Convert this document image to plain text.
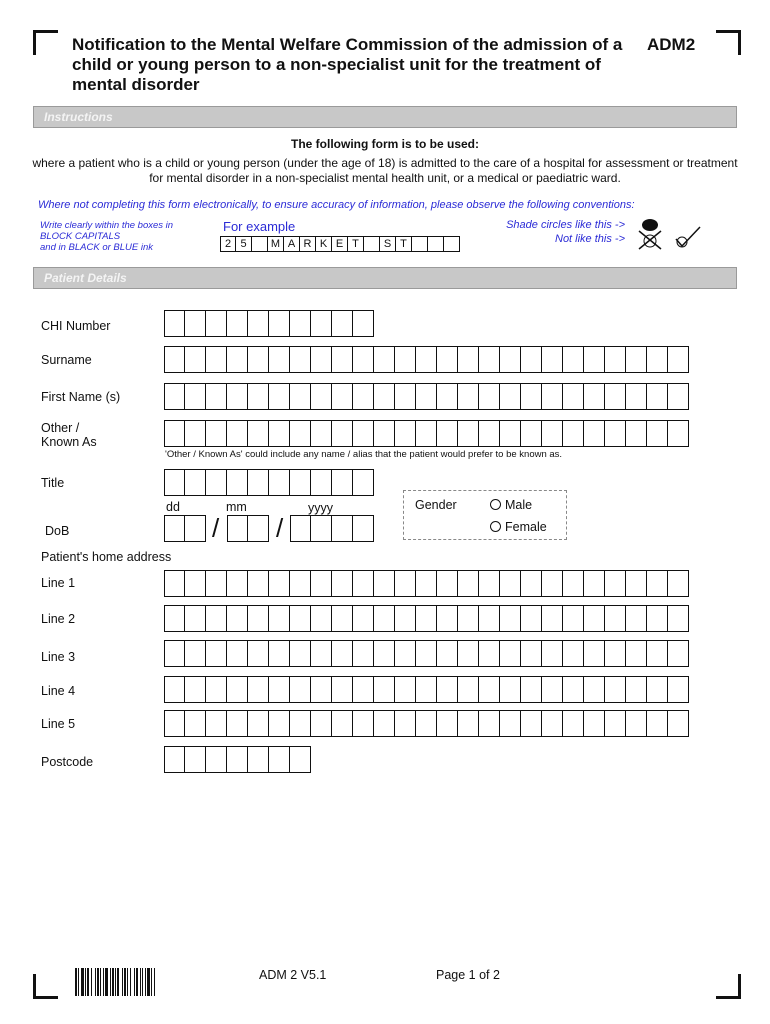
Notification to the Mental Welfare Commission of the admission of a child or young person to a non-specialist unit for the treatment of mental disorder
ADM2
Instructions
The following form is to be used:
where a patient who is a child or young person (under the age of 18) is admitted to the care of a hospital for assessment or treatment for mental disorder in a non-specialist mental health unit, or a medical or paediatric ward.
Where not completing this form electronically, to ensure accuracy of information, please observe the following conventions:
Write clearly within the boxes in
BLOCK CAPITALS
and in BLACK or BLUE ink
For example
2 5	M A R K E T	S T
Shade circles like this ->
Not like this ->
Patient Details
CHI Number
Surname
First Name (s)
Other /
Known As
'Other / Known As' could include any name / alias that the patient would prefer to be known as.
Title
dd	mm	yyyy
DoB	/ /
Gender	Male
Female
Patient's home address
Line 1
Line 2
Line 3
Line 4
Line 5
Postcode
ADM 2 V5.1	Page 1 of 2
